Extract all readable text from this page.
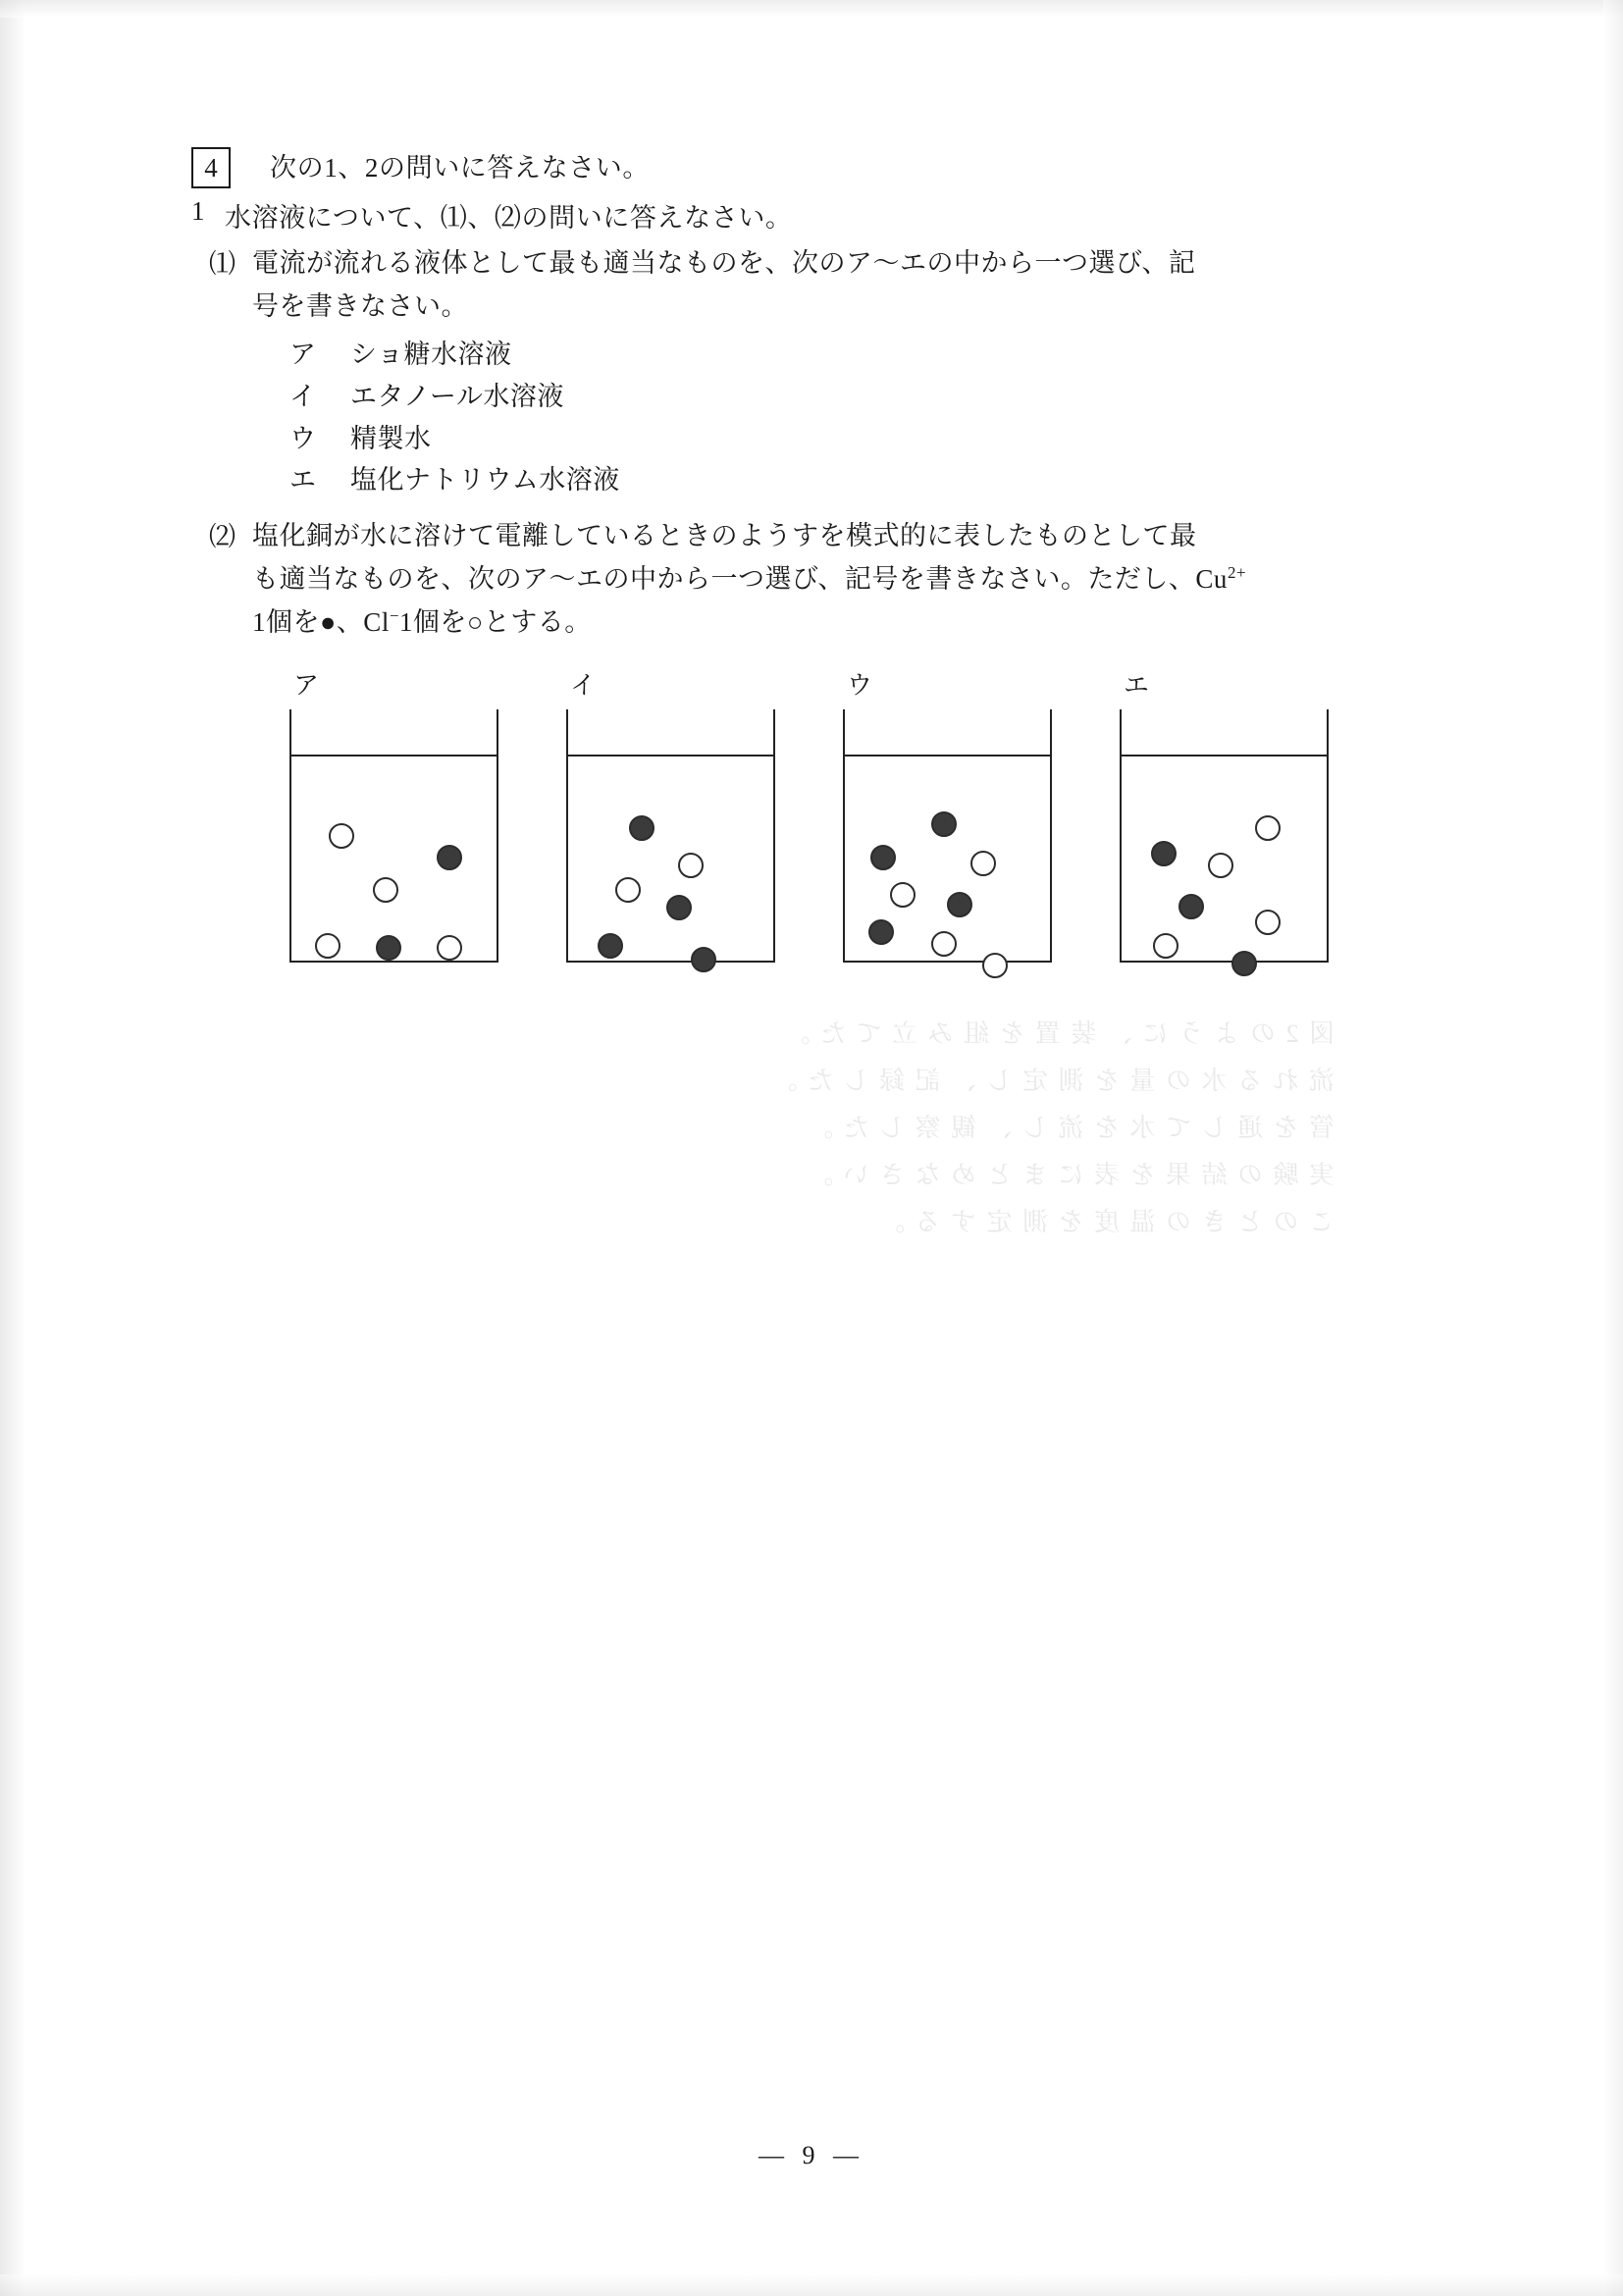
図 2 の よ う に 、 装 置 を 組 み 立 て た 。
流 れ る 水 の 量 を 測 定 し 、 記 録 し た 。
管 を 通 し て 水 を 流 し 、 観 察 し た 。
実 験 の 結 果 を 表 に ま と め な さ い 。
こ の と き の 温 度 を 測 定 す る 。
4	次の1、2の問いに答えなさい。
1 水溶液について、⑴、⑵の問いに答えなさい。
⑴ 電流が流れる液体として最も適当なものを、次のア〜エの中から一つ選び、記
号を書きなさい。
ア	ショ糖水溶液
イ	エタノール水溶液
ウ	精製水
エ	塩化ナトリウム水溶液
⑵ 塩化銅が水に溶けて電離しているときのようすを模式的に表したものとして最
も適当なものを、次のア〜エの中から一つ選び、記号を書きなさい。ただし、$Cu^{2+}$
1個を●、Cl−1個を○とする。
ア	イ	ウ	エ
— 9 —
